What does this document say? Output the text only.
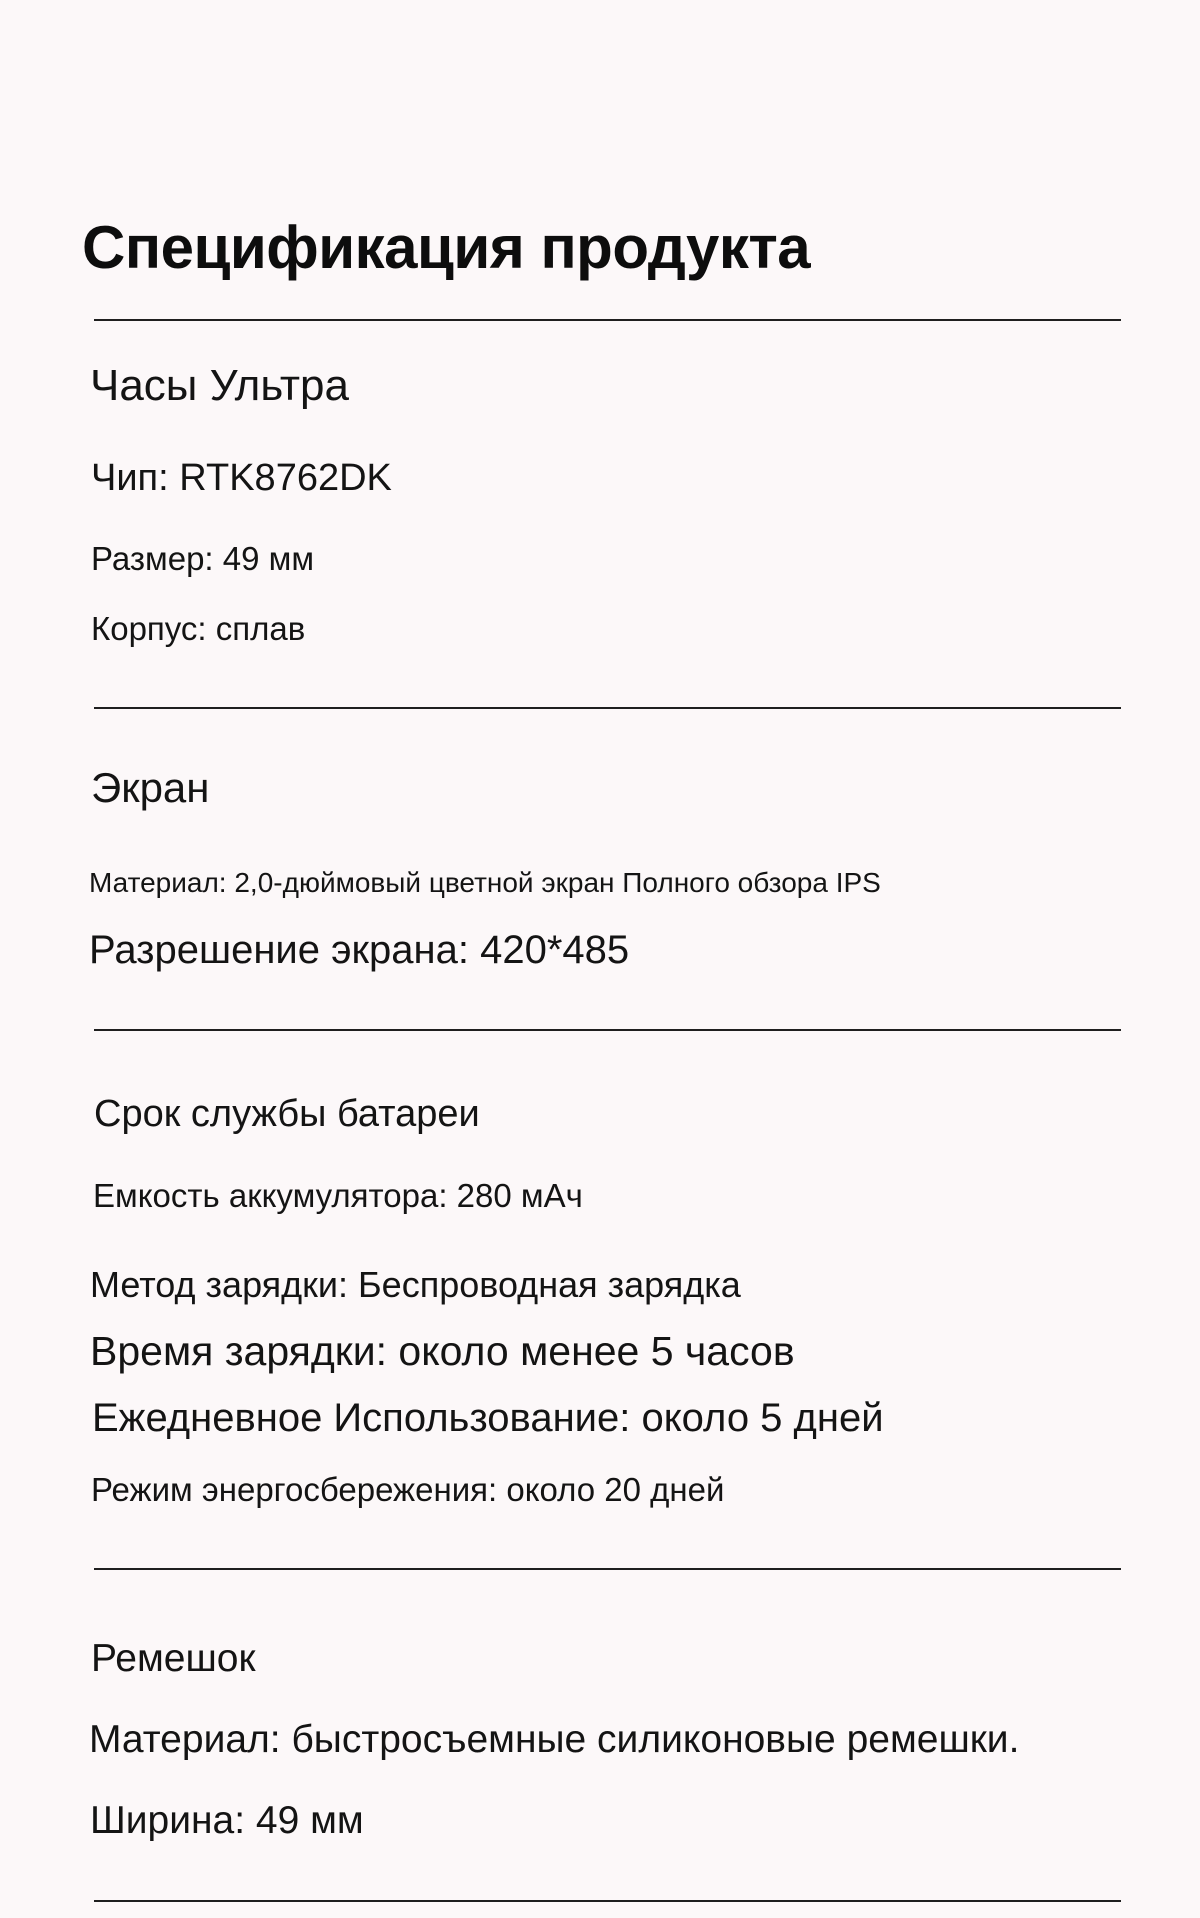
Спецификация продукта
Часы Ультра
Чип: RTK8762DK
Размер: 49 мм
Корпус: сплав
Экран
Материал: 2,0-дюймовый цветной экран Полного обзора IPS
Разрешение экрана: 420*485
Срок службы батареи
Емкость аккумулятора: 280 мАч
Метод зарядки: Беспроводная зарядка
Время зарядки: около менее 5 часов
Ежедневное Использование: около 5 дней
Режим энергосбережения: около 20 дней
Ремешок
Материал: быстросъемные силиконовые ремешки.
Ширина: 49 мм
